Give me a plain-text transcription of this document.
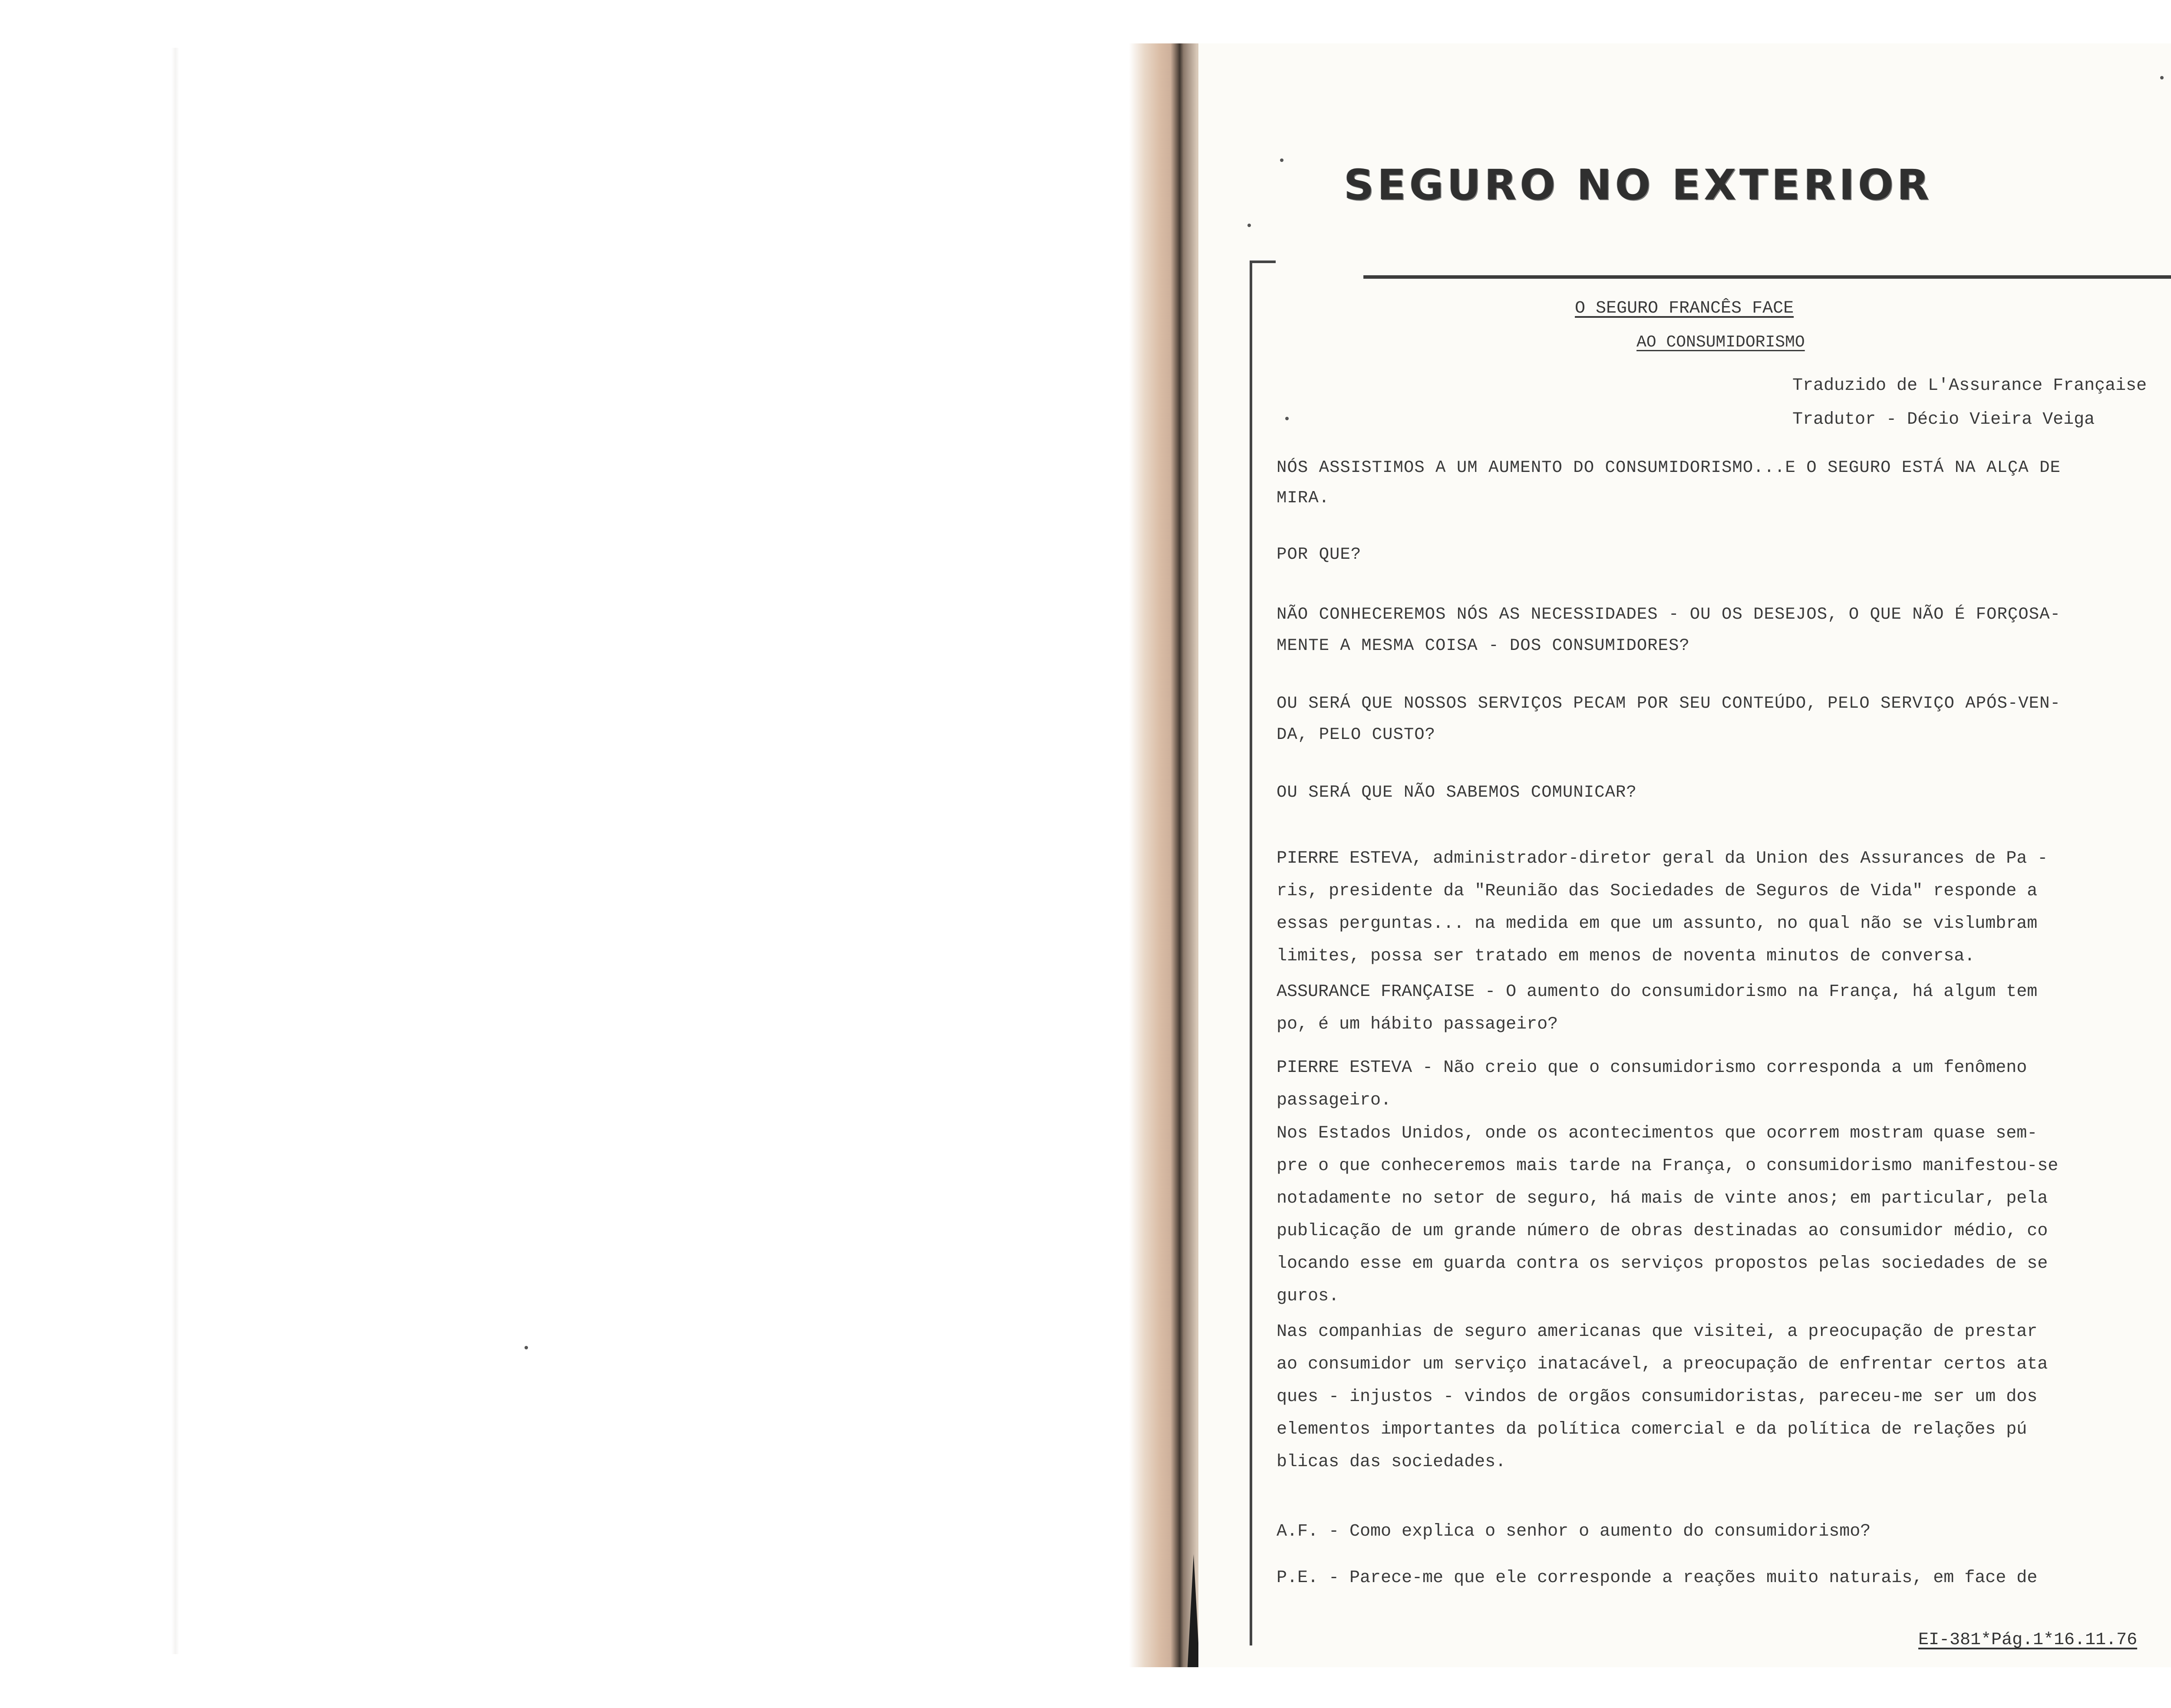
SEGURO NO EXTERIOR
O SEGURO FRANCÊS FACE
AO CONSUMIDORISMO
Traduzido de L'Assurance Française
Tradutor - Décio Vieira Veiga
NÓS ASSISTIMOS A UM AUMENTO DO CONSUMIDORISMO...E O SEGURO ESTÁ NA ALÇA DE
MIRA.
POR QUE?
NÃO CONHECEREMOS NÓS AS NECESSIDADES - OU OS DESEJOS, O QUE NÃO É FORÇOSA-
MENTE A MESMA COISA - DOS CONSUMIDORES?
OU SERÁ QUE NOSSOS SERVIÇOS PECAM POR SEU CONTEÚDO, PELO SERVIÇO APÓS-VEN-
DA, PELO CUSTO?
OU SERÁ QUE NÃO SABEMOS COMUNICAR?
PIERRE ESTEVA, administrador-diretor geral da Union des Assurances de Pa -
ris, presidente da "Reunião das Sociedades de Seguros de Vida" responde a
essas perguntas... na medida em que um assunto, no qual não se vislumbram
limites, possa ser tratado em menos de noventa minutos de conversa.
ASSURANCE FRANÇAISE - O aumento do consumidorismo na França, há algum tem
po, é um hábito passageiro?
PIERRE ESTEVA - Não creio que o consumidorismo corresponda a um fenômeno
passageiro.
Nos Estados Unidos, onde os acontecimentos que ocorrem mostram quase sem-
pre o que conheceremos mais tarde na França, o consumidorismo manifestou-se
notadamente no setor de seguro, há mais de vinte anos; em particular, pela
publicação de um grande número de obras destinadas ao consumidor médio, co
locando esse em guarda contra os serviços propostos pelas sociedades de se
guros.
Nas companhias de seguro americanas que visitei, a preocupação de prestar
ao consumidor um serviço inatacável, a preocupação de enfrentar certos ata
ques - injustos - vindos de orgãos consumidoristas, pareceu-me ser um dos
elementos importantes da política comercial e da política de relações pú
blicas das sociedades.
A.F. - Como explica o senhor o aumento do consumidorismo?
P.E. - Parece-me que ele corresponde a reações muito naturais, em face de
EI-381*Pág.1*16.11.76
